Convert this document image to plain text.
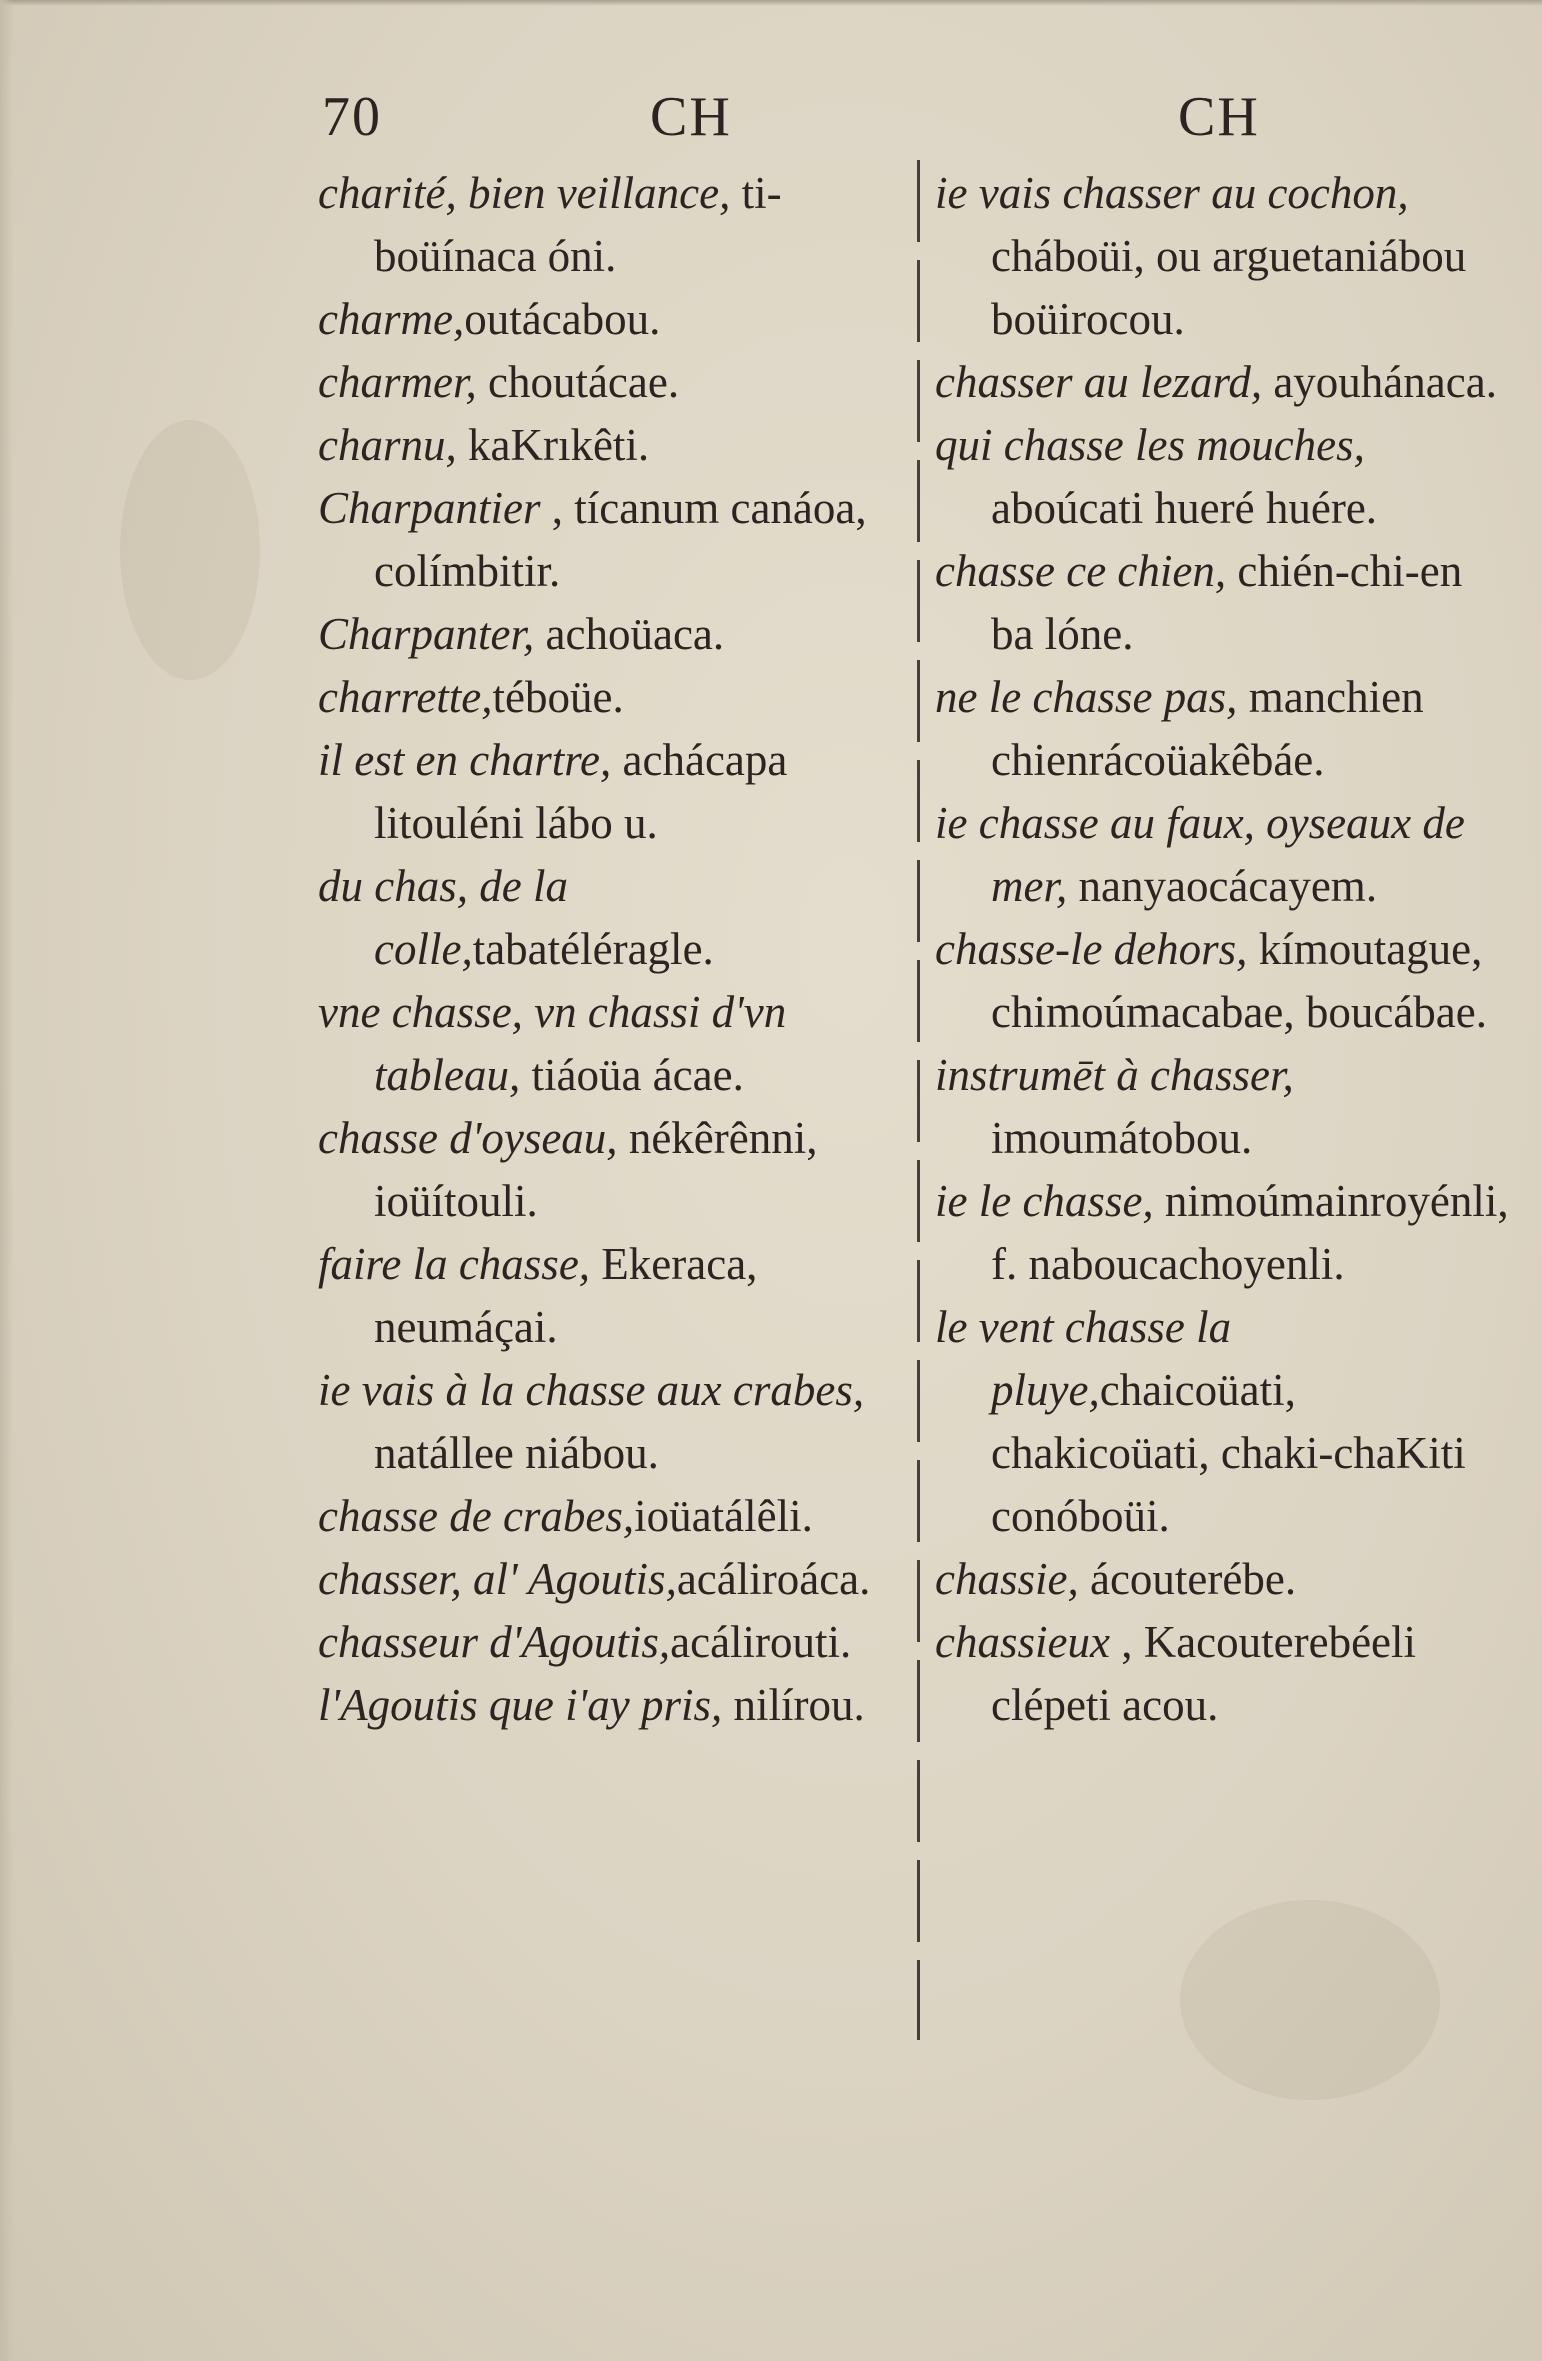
70	CH	CH
charité, bien veillance, ti- boüínaca óni.
charme,outácabou.
charmer, choutácae.
charnu, kaKrıkêti.
Charpantier , tícanum canáoa, colímbitir.
Charpanter, achoüaca.
charrette,téboüe.
il est en chartre, achácapa litouléni lábo u.
du chas, de la colle,tabatéléragle.
vne chasse, vn chassi d'vn tableau, tiáoüa ácae.
chasse d'oyseau, nékêrênni, ioüítouli.
faire la chasse, Ekeraca, neumáçai.
ie vais à la chasse aux crabes, natállee niábou.
chasse de crabes,ioüatálêli.
chasser, al' Agoutis,acáliroáca.
chasseur d'Agoutis,acálirouti.
l'Agoutis que i'ay pris, nilírou.
ie vais chasser au cochon, cháboüi, ou arguetaniábou boüirocou.
chasser au lezard, ayouhánaca.
qui chasse les mouches, aboúcati hueré huére.
chasse ce chien, chién-chi-en ba lóne.
ne le chasse pas, manchien chienrácoüakêbáe.
ie chasse au faux, oyseaux de mer, nanyaocácayem.
chasse-le dehors, kímoutague, chimoúmacabae, boucábae.
instrumēt à chasser, imoumátobou.
ie le chasse, nimoúmainroyénli, f. naboucachoyenli.
le vent chasse la pluye,chaicoüati, chakicoüati, chaki-chaKiti conóboüi.
chassie, ácouterébe.
chassieux , Kacouterebéeli clépeti acou.
